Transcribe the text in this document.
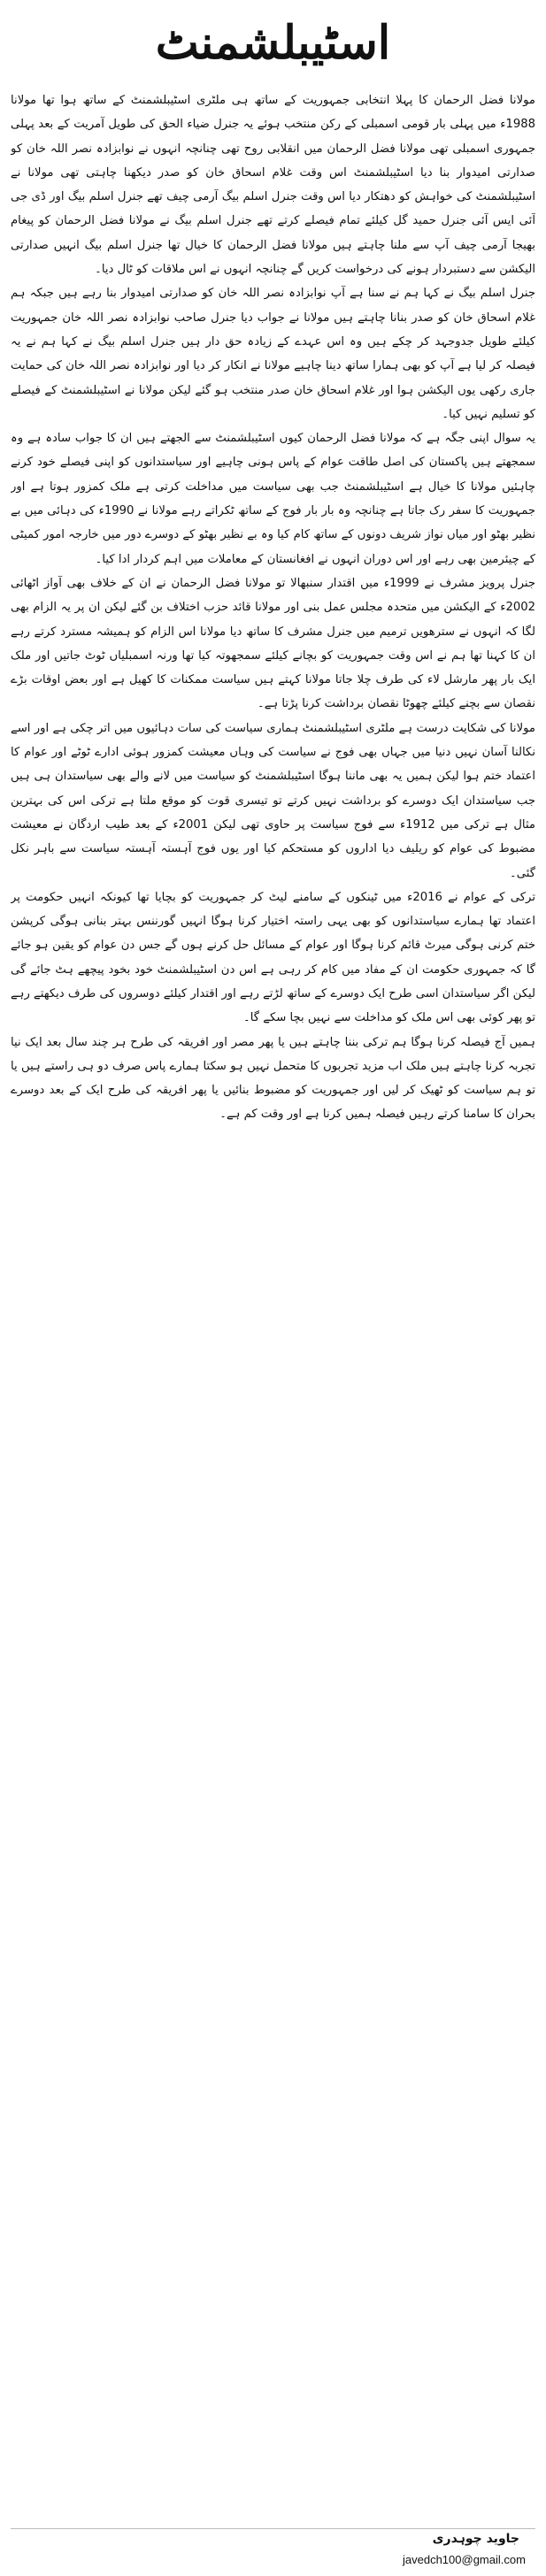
اسٹیبلشمنٹ

مولانا فضل الرحمان کا پہلا انتخابی جمہوریت کے ساتھ ہی ملٹری اسٹیبلشمنٹ کے ساتھ ہوا تھا مولانا 1988ء میں پہلی بار قومی اسمبلی کے رکن منتخب ہوئے یہ جنرل ضیاء الحق کی طویل آمریت کے بعد پہلی جمہوری اسمبلی تھی مولانا فضل الرحمان میں انقلابی روح تھی چنانچہ انہوں نے نوابزادہ نصر اللہ خان کو صدارتی امیدوار بنا دیا اسٹیبلشمنٹ اس وقت غلام اسحاق خان کو صدر دیکھنا چاہتی تھی مولانا نے اسٹیبلشمنٹ کی خواہش کو دھتکار دیا اس وقت جنرل اسلم بیگ آرمی چیف تھے جنرل اسلم بیگ اور ڈی جی آئی ایس آئی جنرل حمید گل کیلئے تمام فیصلے کرتے تھے جنرل اسلم بیگ نے مولانا فضل الرحمان کو پیغام بھیجا آرمی چیف آپ سے ملنا چاہتے ہیں مولانا فضل الرحمان کا خیال تھا جنرل اسلم بیگ انہیں صدارتی الیکشن سے دستبردار ہونے کی درخواست کریں گے چنانچہ انہوں نے اس ملاقات کو ٹال دیا۔

جنرل اسلم بیگ نے کہا ہم نے سنا ہے آپ نوابزادہ نصر اللہ خان کو صدارتی امیدوار بنا رہے ہیں جبکہ ہم غلام اسحاق خان کو صدر بنانا چاہتے ہیں مولانا نے جواب دیا جنرل صاحب نوابزادہ نصر اللہ خان جمہوریت کیلئے طویل جدوجہد کر چکے ہیں وہ اس عہدے کے زیادہ حق دار ہیں جنرل اسلم بیگ نے کہا ہم نے یہ فیصلہ کر لیا ہے آپ کو بھی ہمارا ساتھ دینا چاہیے مولانا نے انکار کر دیا اور نوابزادہ نصر اللہ خان کی حمایت جاری رکھی یوں الیکشن ہوا اور غلام اسحاق خان صدر منتخب ہو گئے لیکن مولانا نے اسٹیبلشمنٹ کے فیصلے کو تسلیم نہیں کیا۔

یہ سوال اپنی جگہ ہے کہ مولانا فضل الرحمان کیوں اسٹیبلشمنٹ سے الجھتے ہیں ان کا جواب سادہ ہے وہ سمجھتے ہیں پاکستان کی اصل طاقت عوام کے پاس ہونی چاہیے اور سیاستدانوں کو اپنی فیصلے خود کرنے چاہئیں مولانا کا خیال ہے اسٹیبلشمنٹ جب بھی سیاست میں مداخلت کرتی ہے ملک کمزور ہوتا ہے اور جمہوریت کا سفر رک جاتا ہے چنانچہ وہ بار بار فوج کے ساتھ ٹکراتے رہے مولانا نے 1990ء کی دہائی میں بے نظیر بھٹو اور میاں نواز شریف دونوں کے ساتھ کام کیا وہ بے نظیر بھٹو کے دوسرے دور میں خارجہ امور کمیٹی کے چیئرمین بھی رہے اور اس دوران انہوں نے افغانستان کے معاملات میں اہم کردار ادا کیا۔

جنرل پرویز مشرف نے 1999ء میں اقتدار سنبھالا تو مولانا فضل الرحمان نے ان کے خلاف بھی آواز اٹھائی 2002ء کے الیکشن میں متحدہ مجلس عمل بنی اور مولانا قائد حزب اختلاف بن گئے لیکن ان پر یہ الزام بھی لگا کہ انہوں نے سترھویں ترمیم میں جنرل مشرف کا ساتھ دیا مولانا اس الزام کو ہمیشہ مسترد کرتے رہے ان کا کہنا تھا ہم نے اس وقت جمہوریت کو بچانے کیلئے سمجھوتہ کیا تھا ورنہ اسمبلیاں ٹوٹ جاتیں اور ملک ایک بار پھر مارشل لاء کی طرف چلا جاتا مولانا کہتے ہیں سیاست ممکنات کا کھیل ہے اور بعض اوقات بڑے نقصان سے بچنے کیلئے چھوٹا نقصان برداشت کرنا پڑتا ہے۔

مولانا کی شکایت درست ہے ملٹری اسٹیبلشمنٹ ہماری سیاست کی سات دہائیوں میں اتر چکی ہے اور اسے نکالنا آسان نہیں دنیا میں جہاں بھی فوج نے سیاست کی وہاں معیشت کمزور ہوئی ادارے ٹوٹے اور عوام کا اعتماد ختم ہوا لیکن ہمیں یہ بھی ماننا ہوگا اسٹیبلشمنٹ کو سیاست میں لانے والے بھی سیاستدان ہی ہیں جب سیاستدان ایک دوسرے کو برداشت نہیں کرتے تو تیسری قوت کو موقع ملتا ہے ترکی اس کی بہترین مثال ہے ترکی میں 1912ء سے فوج سیاست پر حاوی تھی لیکن 2001ء کے بعد طیب اردگان نے معیشت مضبوط کی عوام کو ریلیف دیا اداروں کو مستحکم کیا اور یوں فوج آہستہ آہستہ سیاست سے باہر نکل گئی۔

ترکی کے عوام نے 2016ء میں ٹینکوں کے سامنے لیٹ کر جمہوریت کو بچایا تھا کیونکہ انہیں حکومت پر اعتماد تھا ہمارے سیاستدانوں کو بھی یہی راستہ اختیار کرنا ہوگا انہیں گورننس بہتر بنانی ہوگی کرپشن ختم کرنی ہوگی میرٹ قائم کرنا ہوگا اور عوام کے مسائل حل کرنے ہوں گے جس دن عوام کو یقین ہو جائے گا کہ جمہوری حکومت ان کے مفاد میں کام کر رہی ہے اس دن اسٹیبلشمنٹ خود بخود پیچھے ہٹ جائے گی لیکن اگر سیاستدان اسی طرح ایک دوسرے کے ساتھ لڑتے رہے اور اقتدار کیلئے دوسروں کی طرف دیکھتے رہے تو پھر کوئی بھی اس ملک کو مداخلت سے نہیں بچا سکے گا۔

ہمیں آج فیصلہ کرنا ہوگا ہم ترکی بننا چاہتے ہیں یا پھر مصر اور افریقہ کی طرح ہر چند سال بعد ایک نیا تجربہ کرنا چاہتے ہیں ملک اب مزید تجربوں کا متحمل نہیں ہو سکتا ہمارے پاس صرف دو ہی راستے ہیں یا تو ہم سیاست کو ٹھیک کر لیں اور جمہوریت کو مضبوط بنائیں یا پھر افریقہ کی طرح ایک کے بعد دوسرے بحران کا سامنا کرتے رہیں فیصلہ ہمیں کرنا ہے اور وقت کم ہے۔

جاوید چوہدری
javedch100@gmail.com
